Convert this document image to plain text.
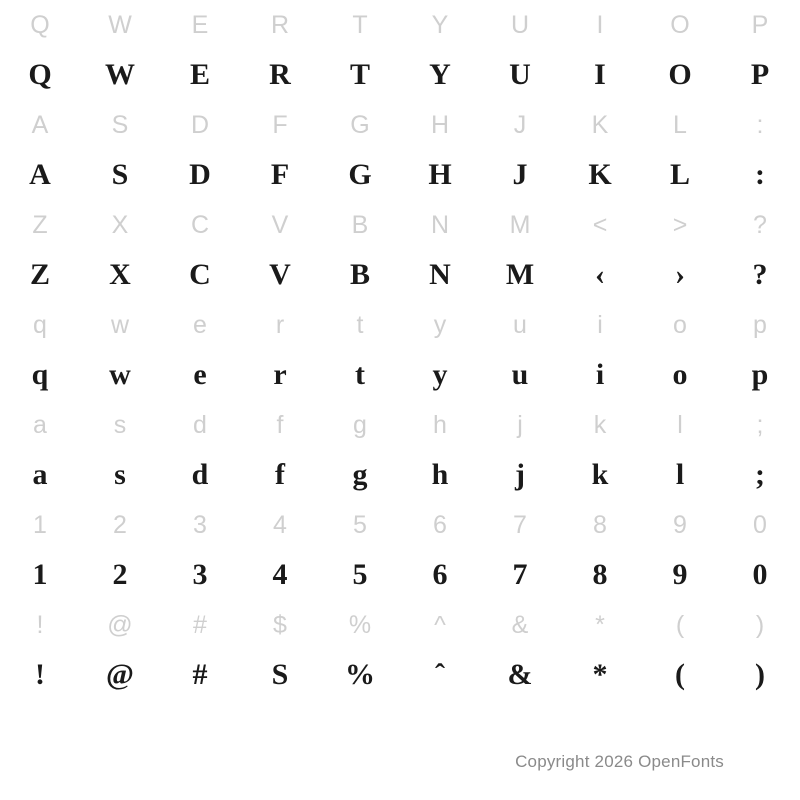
Q	W	E	R	T	Y	U	I	O	P
Q	W	E	R	T	Y	U	I	O	P
A	S	D	F	G	H	J	K	L	:
A	S	D	F	G	H	J	K	L	:
Z	X	C	V	B	N	M	<	>	?
Z	X	C	V	B	N	M	‹	›	?
q	w	e	r	t	y	u	i	o	p
q	w	e	r	t	y	u	i	o	p
a	s	d	f	g	h	j	k	l	;
a	s	d	f	g	h	j	k	l	;
1	2	3	4	5	6	7	8	9	0
1	2	3	4	5	6	7	8	9	0
!	@	#	$	%	^	&	*	(	)
!	@	#	S	%	ˆ	&	*	(	)
Copyright 2026 OpenFonts
